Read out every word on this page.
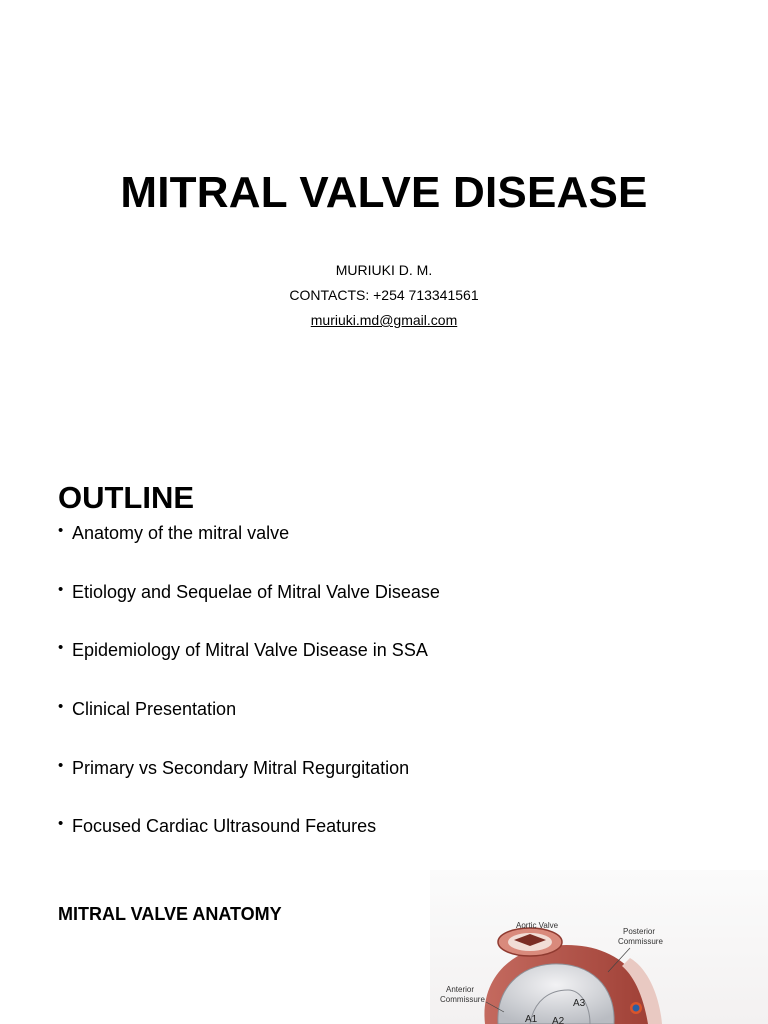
MITRAL VALVE DISEASE
MURIUKI D. M.
CONTACTS: +254 713341561
muriuki.md@gmail.com
OUTLINE
• Anatomy of the mitral valve
• Etiology and Sequelae of Mitral Valve Disease
• Epidemiology of Mitral Valve Disease in SSA
• Clinical Presentation
• Primary vs Secondary Mitral Regurgitation
• Focused Cardiac Ultrasound Features
MITRAL VALVE ANATOMY
Aortic Valve
Posterior
Commissure
Anterior
Commissure
A1 A2
A3
